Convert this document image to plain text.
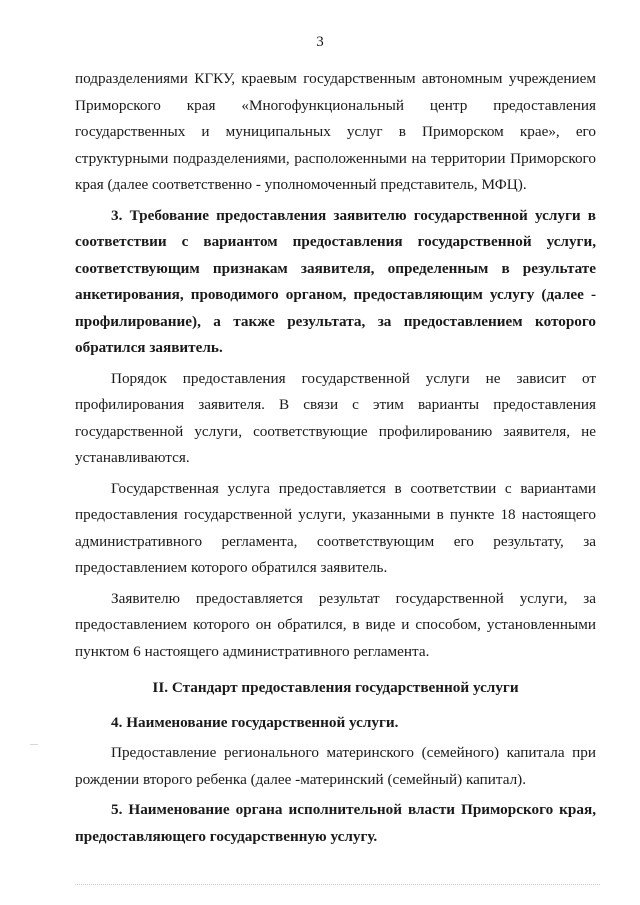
3

подразделениями КГКУ, краевым государственным автономным учреждением Приморского края «Многофункциональный центр предоставления государственных и муниципальных услуг в Приморском крае», его структурными подразделениями, расположенными на территории Приморского края (далее соответственно - уполномоченный представитель, МФЦ).

3. Требование предоставления заявителю государственной услуги в соответствии с вариантом предоставления государственной услуги, соответствующим признакам заявителя, определенным в результате анкетирования, проводимого органом, предоставляющим услугу (далее - профилирование), а также результата, за предоставлением которого обратился заявитель.

Порядок предоставления государственной услуги не зависит от профилирования заявителя. В связи с этим варианты предоставления государственной услуги, соответствующие профилированию заявителя, не устанавливаются.

Государственная услуга предоставляется в соответствии с вариантами предоставления государственной услуги, указанными в пункте 18 настоящего административного регламента, соответствующим его результату, за предоставлением которого обратился заявитель.

Заявителю предоставляется результат государственной услуги, за предоставлением которого он обратился, в виде и способом, установленными пунктом 6 настоящего административного регламента.

II. Стандарт предоставления государственной услуги

4. Наименование государственной услуги.

Предоставление регионального материнского (семейного) капитала при рождении второго ребенка (далее -материнский (семейный) капитал).

5. Наименование органа исполнительной власти Приморского края, предоставляющего государственную услугу.
